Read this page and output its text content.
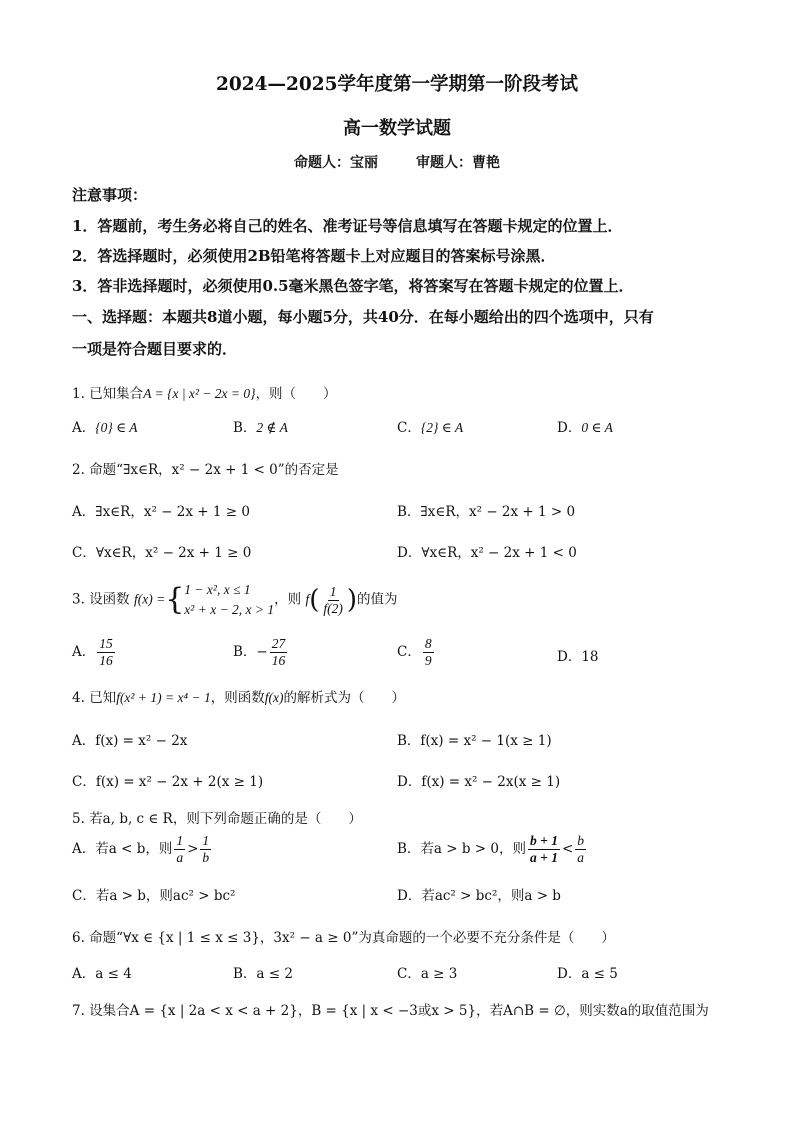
2024—2025学年度第一学期第一阶段考试
高一数学试题
命题人：宝丽	审题人：曹艳
注意事项：
1．答题前，考生务必将自己的姓名、准考证号等信息填写在答题卡规定的位置上．
2．答选择题时，必须使用2B铅笔将答题卡上对应题目的答案标号涂黑．
3．答非选择题时，必须使用0.5毫米黑色签字笔，将答案写在答题卡规定的位置上．
一、选择题：本题共8道小题，每小题5分，共40分．在每小题给出的四个选项中，只有
一项是符合题目要求的．
1. 已知集合A = {x | x² − 2x = 0}，则（　　）
A．{0} ∈ A	B．2 ∉ A	C．{2} ∈ A	D．0 ∈ A
2. 命题“∃x∈R，x² − 2x + 1 < 0”的否定是
A．∃x∈R，x² − 2x + 1 ≥ 0	B．∃x∈R，x² − 2x + 1 > 0
C．∀x∈R，x² − 2x + 1 ≥ 0	D．∀x∈R，x² − 2x + 1 < 0
3. 设函数 f(x) ={ 1 − x², x ≤ 1
x² + x − 2, x > 1
，则 $f( \frac{1}{f(2)}$ )的值为
A． $\frac{15}{16}$	B．− $\frac{27}{16}$	C． $\frac{8}{9}$	D．18
4. 已知f(x² + 1) = x⁴ − 1，则函数f(x)的解析式为（　　）
A．f(x) = x² − 2x	B．f(x) = x² − 1(x ≥ 1)
C．f(x) = x² − 2x + 2(x ≥ 1)	D．f(x) = x² − 2x(x ≥ 1)
5. 若a, b, c ∈ R，则下列命题正确的是（　　）
A．若a < b，则 $\frac{1}{a} > \frac{1}{b}$	B．若a > b > 0，则 $\frac{b + 1}{a + 1} < \frac{b}{a}$
C．若a > b，则ac² > bc²	D．若ac² > bc²，则a > b
6. 命题“∀x ∈ {x | 1 ≤ x ≤ 3}，3x² − a ≥ 0”为真命题的一个必要不充分条件是（　　）
A．a ≤ 4	B．a ≤ 2	C．a ≥ 3	D．a ≤ 5
7. 设集合A = {x | 2a < x < a + 2}，B = {x | x < −3或x > 5}，若A∩B = ∅，则实数a的取值范围为
